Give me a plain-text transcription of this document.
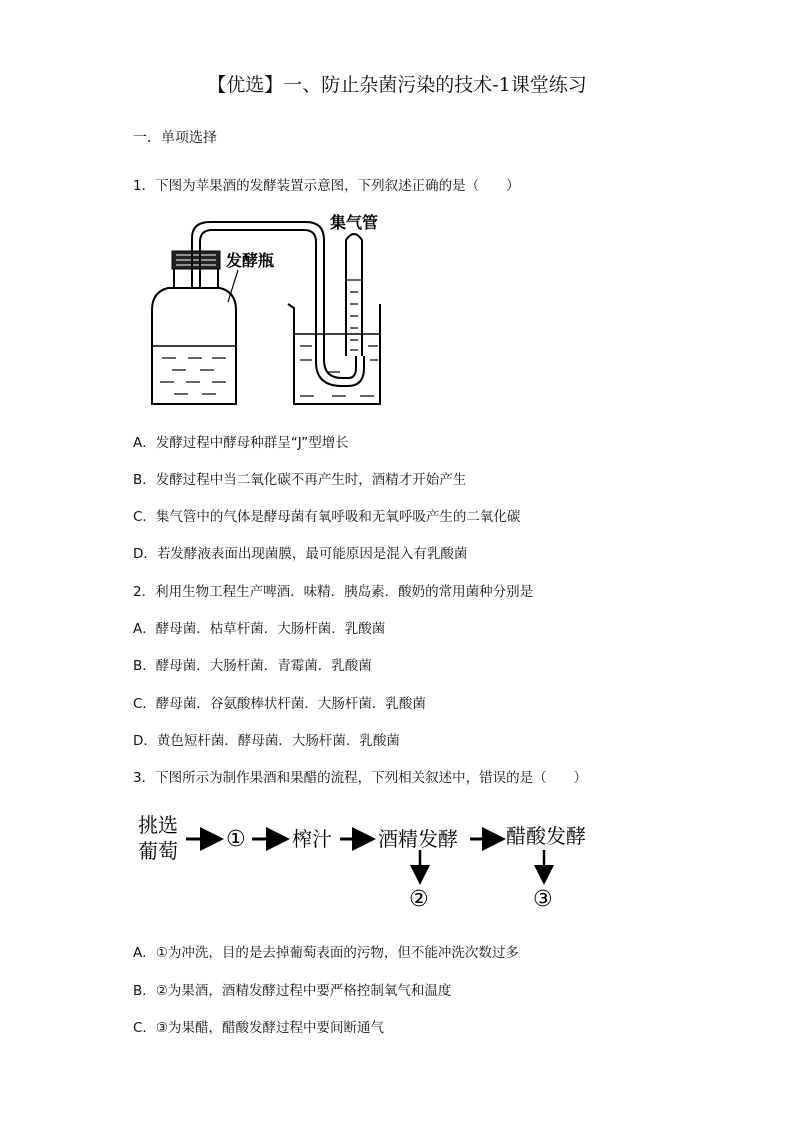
【优选】一、防止杂菌污染的技术-1课堂练习
一．单项选择
1．下图为苹果酒的发酵装置示意图，下列叙述正确的是（　　）
发酵瓶
集气管
A．发酵过程中酵母种群呈“J”型增长
B．发酵过程中当二氧化碳不再产生时，酒精才开始产生
C．集气管中的气体是酵母菌有氧呼吸和无氧呼吸产生的二氧化碳
D．若发酵液表面出现菌膜，最可能原因是混入有乳酸菌
2．利用生物工程生产啤酒．味精．胰岛素．酸奶的常用菌种分别是
A．酵母菌．枯草杆菌．大肠杆菌．乳酸菌
B．酵母菌．大肠杆菌．青霉菌．乳酸菌
C．酵母菌．谷氨酸棒状杆菌．大肠杆菌．乳酸菌
D．黄色短杆菌．酵母菌．大肠杆菌．乳酸菌
3．下图所示为制作果酒和果醋的流程，下列相关叙述中，错误的是（　　）
挑选
葡萄 ① 榨汁 酒精发酵 醋酸发酵
②	③
A．①为冲洗，目的是去掉葡萄表面的污物，但不能冲洗次数过多
B．②为果酒，酒精发酵过程中要严格控制氧气和温度
C．③为果醋，醋酸发酵过程中要间断通气
